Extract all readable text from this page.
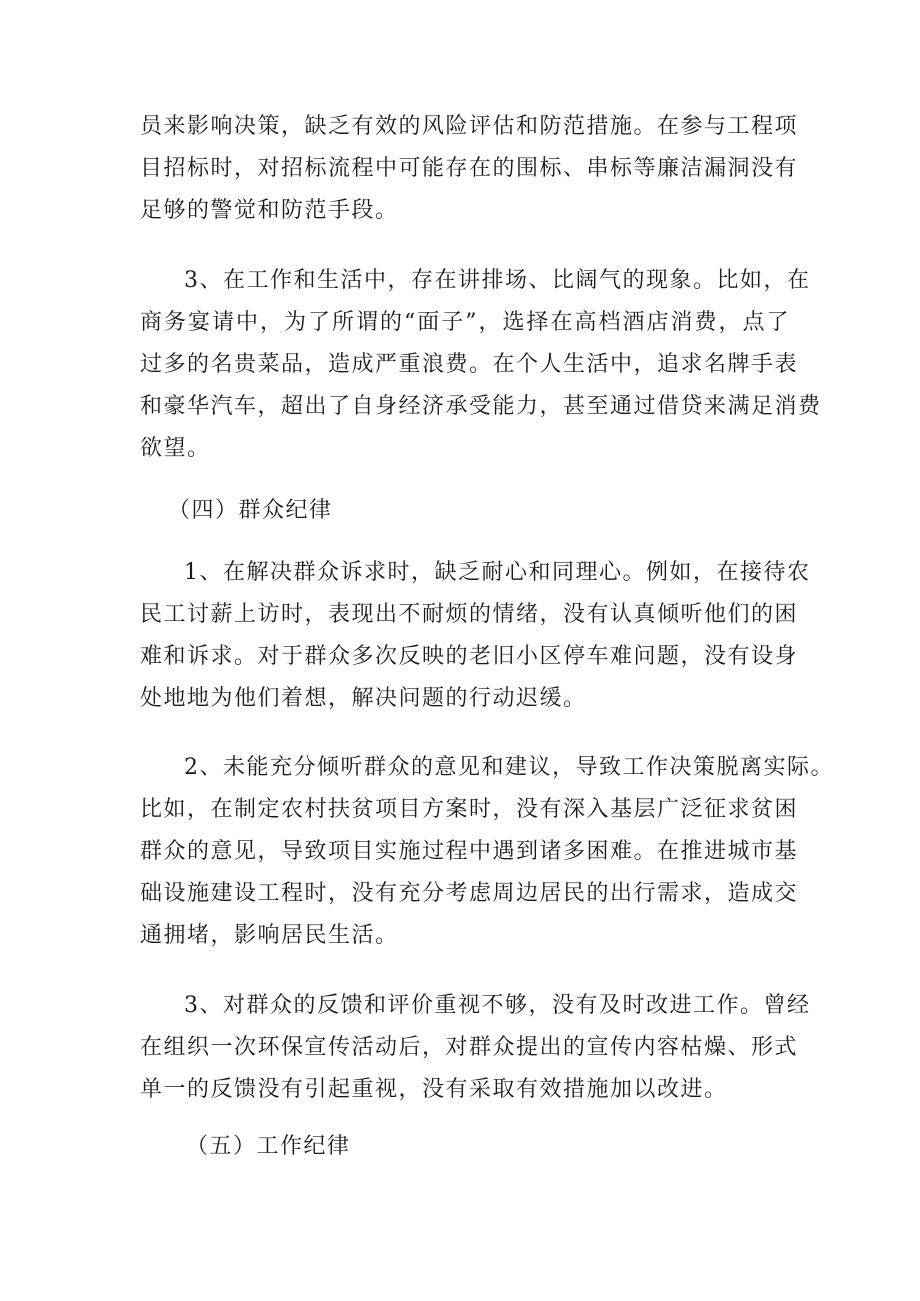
员来影响决策，缺乏有效的风险评估和防范措施。在参与工程项
目招标时，对招标流程中可能存在的围标、串标等廉洁漏洞没有
足够的警觉和防范手段。
3、在工作和生活中，存在讲排场、比阔气的现象。比如，在
商务宴请中，为了所谓的“面子”，选择在高档酒店消费，点了
过多的名贵菜品，造成严重浪费。在个人生活中，追求名牌手表
和豪华汽车，超出了自身经济承受能力，甚至通过借贷来满足消费
欲望。
（四）群众纪律
1、在解决群众诉求时，缺乏耐心和同理心。例如，在接待农
民工讨薪上访时，表现出不耐烦的情绪，没有认真倾听他们的困
难和诉求。对于群众多次反映的老旧小区停车难问题，没有设身
处地地为他们着想，解决问题的行动迟缓。
2、未能充分倾听群众的意见和建议，导致工作决策脱离实际。
比如，在制定农村扶贫项目方案时，没有深入基层广泛征求贫困
群众的意见，导致项目实施过程中遇到诸多困难。在推进城市基
础设施建设工程时，没有充分考虑周边居民的出行需求，造成交
通拥堵，影响居民生活。
3、对群众的反馈和评价重视不够，没有及时改进工作。曾经
在组织一次环保宣传活动后，对群众提出的宣传内容枯燥、形式
单一的反馈没有引起重视，没有采取有效措施加以改进。
（五）工作纪律
